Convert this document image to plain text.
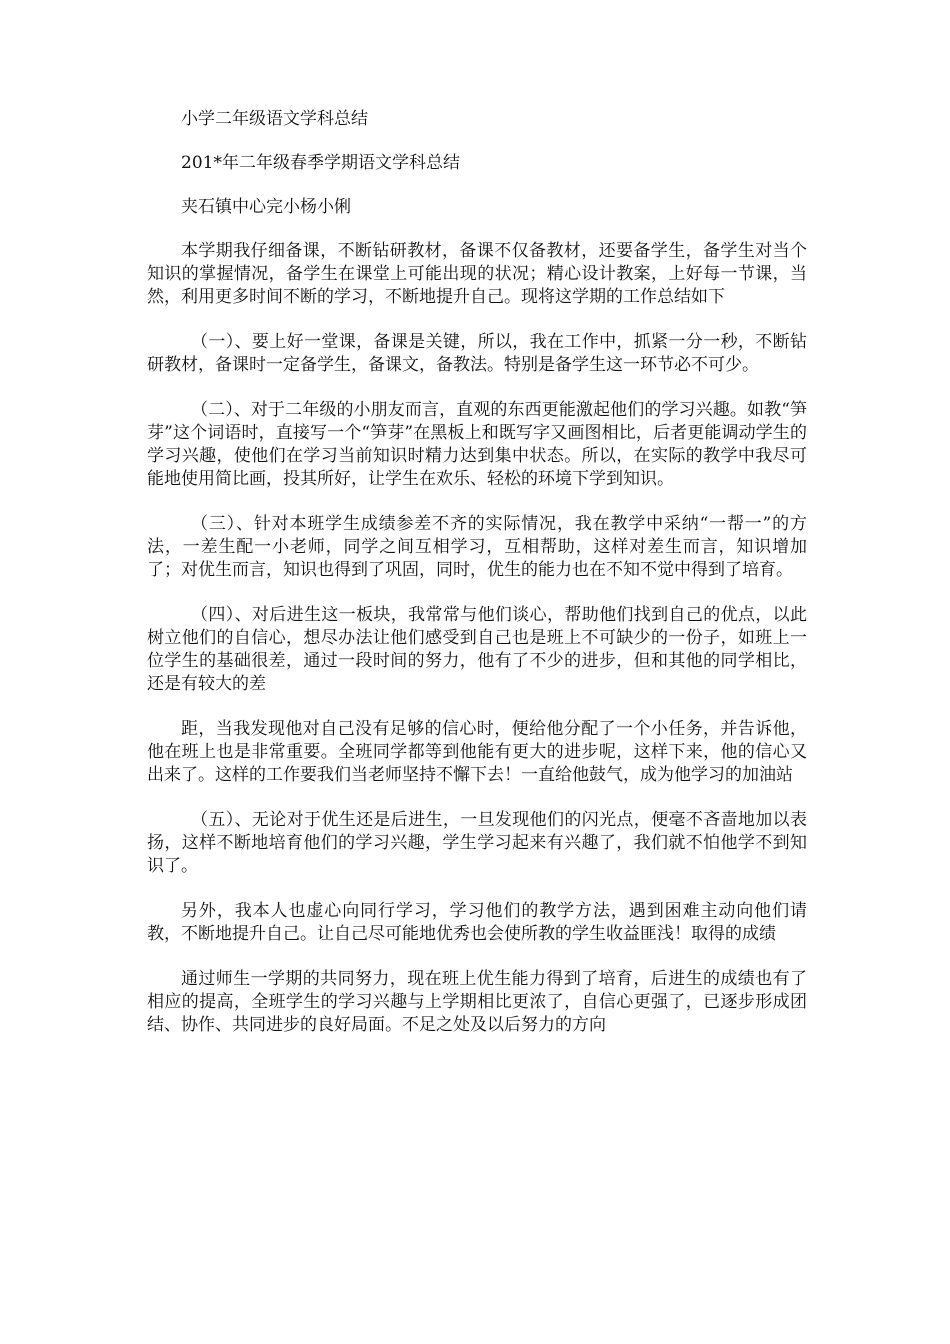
小学二年级语文学科总结

201*年二年级春季学期语文学科总结

夹石镇中心完小杨小俐

本学期我仔细备课，不断钻研教材，备课不仅备教材，还要备学生，备学生对当个知识的掌握情况，备学生在课堂上可能出现的状况；精心设计教案，上好每一节课，当然，利用更多时间不断的学习，不断地提升自己。现将这学期的工作总结如下

（一）、要上好一堂课，备课是关键，所以，我在工作中，抓紧一分一秒，不断钻研教材，备课时一定备学生，备课文，备教法。特别是备学生这一环节必不可少。

（二）、对于二年级的小朋友而言，直观的东西更能激起他们的学习兴趣。如教“笋芽”这个词语时，直接写一个“笋芽”在黑板上和既写字又画图相比，后者更能调动学生的学习兴趣，使他们在学习当前知识时精力达到集中状态。所以，在实际的教学中我尽可能地使用简比画，投其所好，让学生在欢乐、轻松的环境下学到知识。

（三）、针对本班学生成绩参差不齐的实际情况，我在教学中采纳“一帮一”的方法，一差生配一小老师，同学之间互相学习，互相帮助，这样对差生而言，知识增加了；对优生而言，知识也得到了巩固，同时，优生的能力也在不知不觉中得到了培育。

（四）、对后进生这一板块，我常常与他们谈心，帮助他们找到自己的优点，以此树立他们的自信心，想尽办法让他们感受到自己也是班上不可缺少的一份子，如班上一位学生的基础很差，通过一段时间的努力，他有了不少的进步，但和其他的同学相比，还是有较大的差

距，当我发现他对自己没有足够的信心时，便给他分配了一个小任务，并告诉他，他在班上也是非常重要。全班同学都等到他能有更大的进步呢，这样下来，他的信心又出来了。这样的工作要我们当老师坚持不懈下去！一直给他鼓气，成为他学习的加油站

（五）、无论对于优生还是后进生，一旦发现他们的闪光点，便毫不吝啬地加以表扬，这样不断地培育他们的学习兴趣，学生学习起来有兴趣了，我们就不怕他学不到知识了。

另外，我本人也虚心向同行学习，学习他们的教学方法，遇到困难主动向他们请教，不断地提升自己。让自己尽可能地优秀也会使所教的学生收益匪浅！取得的成绩

通过师生一学期的共同努力，现在班上优生能力得到了培育，后进生的成绩也有了相应的提高，全班学生的学习兴趣与上学期相比更浓了，自信心更强了，已逐步形成团结、协作、共同进步的良好局面。不足之处及以后努力的方向
